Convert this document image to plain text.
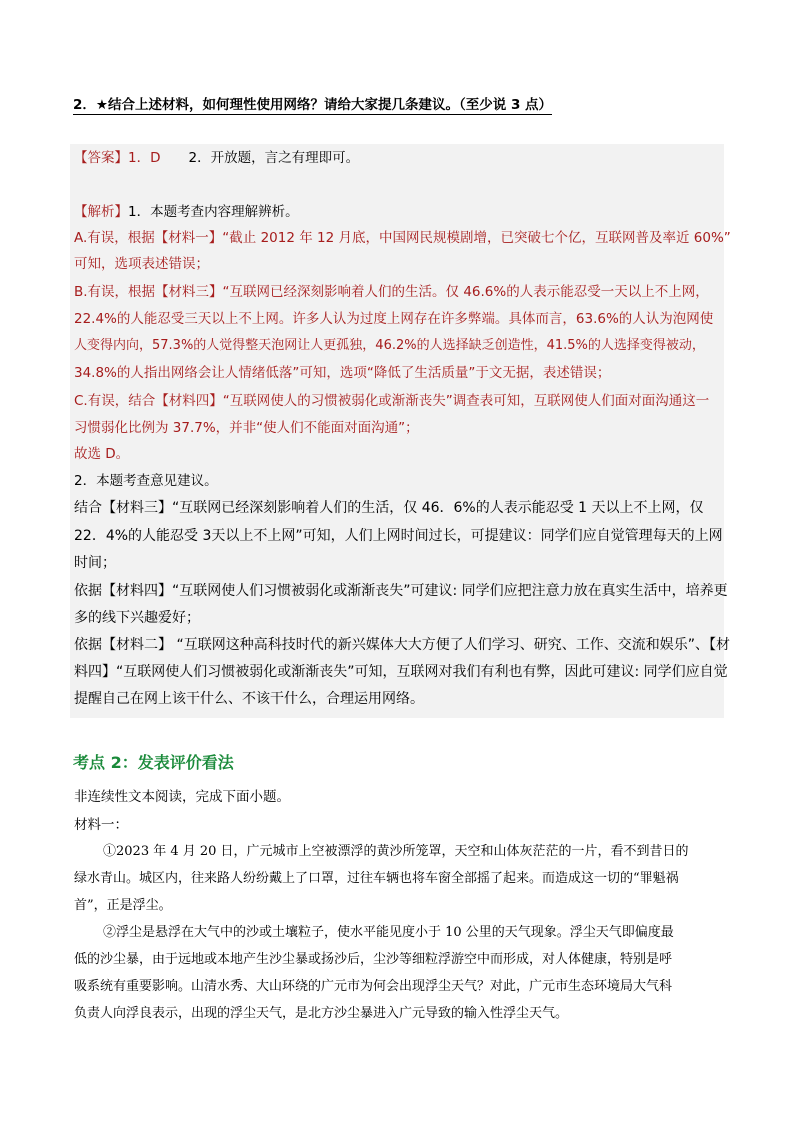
2．★结合上述材料，如何理性使用网络？请给大家提几条建议。（至少说 3 点）
【答案】1．D 2．开放题，言之有理即可。
【解析】1．本题考查内容理解辨析。
A.有误，根据【材料一】“截止 2012 年 12 月底，中国网民规模剧增，已突破七个亿，互联网普及率近 60%”
可知，选项表述错误；
B.有误，根据【材料三】“互联网已经深刻影响着人们的生活。仅 46.6%的人表示能忍受一天以上不上网，
22.4%的人能忍受三天以上不上网。许多人认为过度上网存在许多弊端。具体而言，63.6%的人认为泡网使
人变得内向，57.3%的人觉得整天泡网让人更孤独，46.2%的人选择缺乏创造性，41.5%的人选择变得被动，
34.8%的人指出网络会让人情绪低落”可知，选项“降低了生活质量”于文无据，表述错误；
C.有误，结合【材料四】“互联网使人的习惯被弱化或渐渐丧失”调查表可知，互联网使人们面对面沟通这一
习惯弱化比例为 37.7%，并非“使人们不能面对面沟通”；
故选 D。
2．本题考查意见建议。
结合【材料三】“互联网已经深刻影响着人们的生活，仅 46．6%的人表示能忍受 1 天以上不上网，仅
22．4%的人能忍受 3天以上不上网”可知，人们上网时间过长，可提建议：同学们应自觉管理每天的上网
时间；
依据【材料四】“互联网使人们习惯被弱化或渐渐丧失”可建议: 同学们应把注意力放在真实生活中，培养更
多的线下兴趣爱好；
依据【材料二】 “互联网这种高科技时代的新兴媒体大大方便了人们学习、研究、工作、交流和娱乐”、【材
料四】“互联网使人们习惯被弱化或渐渐丧失”可知，互联网对我们有利也有弊，因此可建议: 同学们应自觉
提醒自己在网上该干什么、不该干什么，合理运用网络。
考点 2：发表评价看法
非连续性文本阅读，完成下面小题。
材料一：
①2023 年 4 月 20 日，广元城市上空被漂浮的黄沙所笼罩，天空和山体灰茫茫的一片，看不到昔日的
绿水青山。城区内，往来路人纷纷戴上了口罩，过往车辆也将车窗全部摇了起来。而造成这一切的“罪魁祸
首”，正是浮尘。
②浮尘是悬浮在大气中的沙或土壤粒子，使水平能见度小于 10 公里的天气现象。浮尘天气即偏度最
低的沙尘暴，由于远地或本地产生沙尘暴或扬沙后，尘沙等细粒浮游空中而形成，对人体健康，特别是呼
吸系统有重要影响。山清水秀、大山环绕的广元市为何会出现浮尘天气？对此，广元市生态环境局大气科
负责人向浮良表示，出现的浮尘天气，是北方沙尘暴进入广元导致的输入性浮尘天气。
